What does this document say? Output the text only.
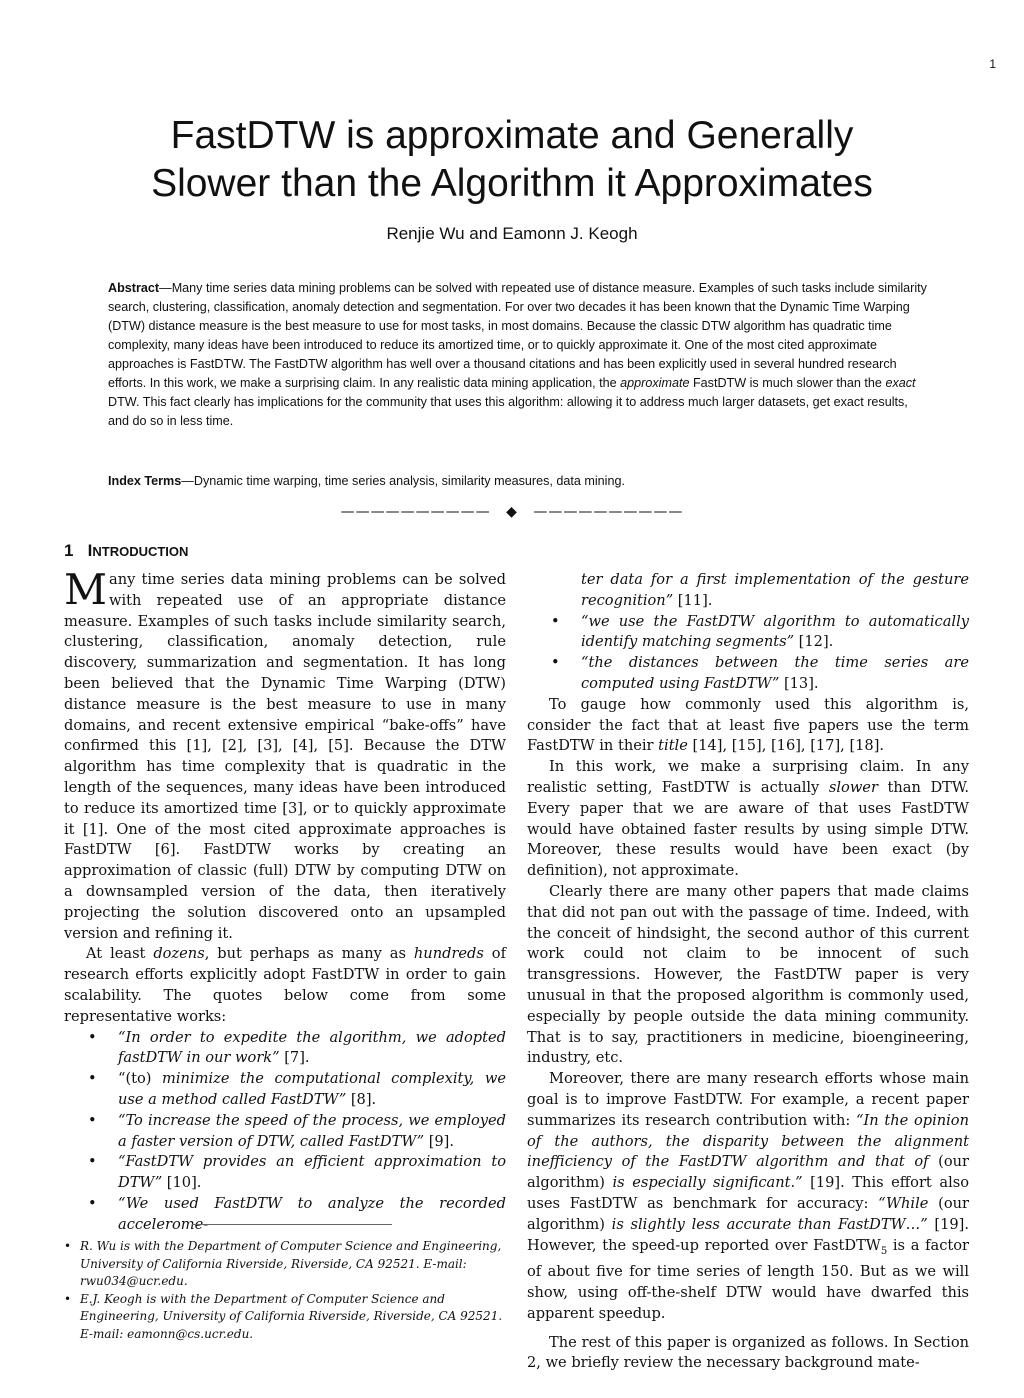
1
FastDTW is approximate and Generally
Slower than the Algorithm it Approximates
Renjie Wu and Eamonn J. Keogh

Abstract—Many time series data mining problems can be solved with repeated use of distance measure. Examples of such tasks include similarity search, clustering, classification, anomaly detection and segmentation. For over two decades it has been known that the Dynamic Time Warping (DTW) distance measure is the best measure to use for most tasks, in most domains. Because the classic DTW algorithm has quadratic time complexity, many ideas have been introduced to reduce its amortized time, or to quickly approximate it. One of the most cited approximate approaches is FastDTW. The FastDTW algorithm has well over a thousand citations and has been explicitly used in several hundred research efforts. In this work, we make a surprising claim. In any realistic data mining application, the approximate FastDTW is much slower than the exact DTW. This fact clearly has implications for the community that uses this algorithm: allowing it to address much larger datasets, get exact results, and do so in less time.

Index Terms—Dynamic time warping, time series analysis, similarity measures, data mining.

—————————— ◆ ——————————
1 INTRODUCTION

Many time series data mining problems can be solved with repeated use of an appropriate distance measure. Examples of such tasks include similarity search, clustering, classification, anomaly detection, rule discovery, summarization and segmentation. It has long been believed that the Dynamic Time Warping (DTW) distance measure is the best measure to use in many domains, and recent extensive empirical “bake-offs” have confirmed this [1], [2], [3], [4], [5]. Because the DTW algorithm has time complexity that is quadratic in the length of the sequences, many ideas have been introduced to reduce its amortized time [3], or to quickly approximate it [1]. One of the most cited approximate approaches is FastDTW [6]. FastDTW works by creating an approximation of classic (full) DTW by computing DTW on a downsampled version of the data, then iteratively projecting the solution discovered onto an upsampled version and refining it.

At least dozens, but perhaps as many as hundreds of research efforts explicitly adopt FastDTW in order to gain scalability. The quotes below come from some representative works:

• “In order to expedite the algorithm, we adopted fastDTW in our work” [7].
• “(to) minimize the computational complexity, we use a method called FastDTW” [8].
• “To increase the speed of the process, we employed a faster version of DTW, called FastDTW” [9].
• “FastDTW provides an efficient approximation to DTW” [10].
• “We used FastDTW to analyze the recorded accelerome-
• R. Wu is with the Department of Computer Science and Engineering, University of California Riverside, Riverside, CA 92521. E-mail: rwu034@ucr.edu.
• E.J. Keogh is with the Department of Computer Science and Engineering, University of California Riverside, Riverside, CA 92521. E-mail: eamonn@cs.ucr.edu.
ter data for a first implementation of the gesture recognition” [11].
• “we use the FastDTW algorithm to automatically identify matching segments” [12].
• “the distances between the time series are computed using FastDTW” [13].

To gauge how commonly used this algorithm is, consider the fact that at least five papers use the term FastDTW in their title [14], [15], [16], [17], [18].

In this work, we make a surprising claim. In any realistic setting, FastDTW is actually slower than DTW. Every paper that we are aware of that uses FastDTW would have obtained faster results by using simple DTW. Moreover, these results would have been exact (by definition), not approximate.

Clearly there are many other papers that made claims that did not pan out with the passage of time. Indeed, with the conceit of hindsight, the second author of this current work could not claim to be innocent of such transgressions. However, the FastDTW paper is very unusual in that the proposed algorithm is commonly used, especially by people outside the data mining community. That is to say, practitioners in medicine, bioengineering, industry, etc.

Moreover, there are many research efforts whose main goal is to improve FastDTW. For example, a recent paper summarizes its research contribution with: “In the opinion of the authors, the disparity between the alignment inefficiency of the FastDTW algorithm and that of (our algorithm) is especially significant.” [19]. This effort also uses FastDTW as benchmark for accuracy: “While (our algorithm) is slightly less accurate than FastDTW…” [19]. However, the speed-up reported over FastDTW$_5$ is a factor of about five for time series of length 150. But as we will show, using off-the-shelf DTW would have dwarfed this apparent speedup.

The rest of this paper is organized as follows. In Section 2, we briefly review the necessary background mate-
